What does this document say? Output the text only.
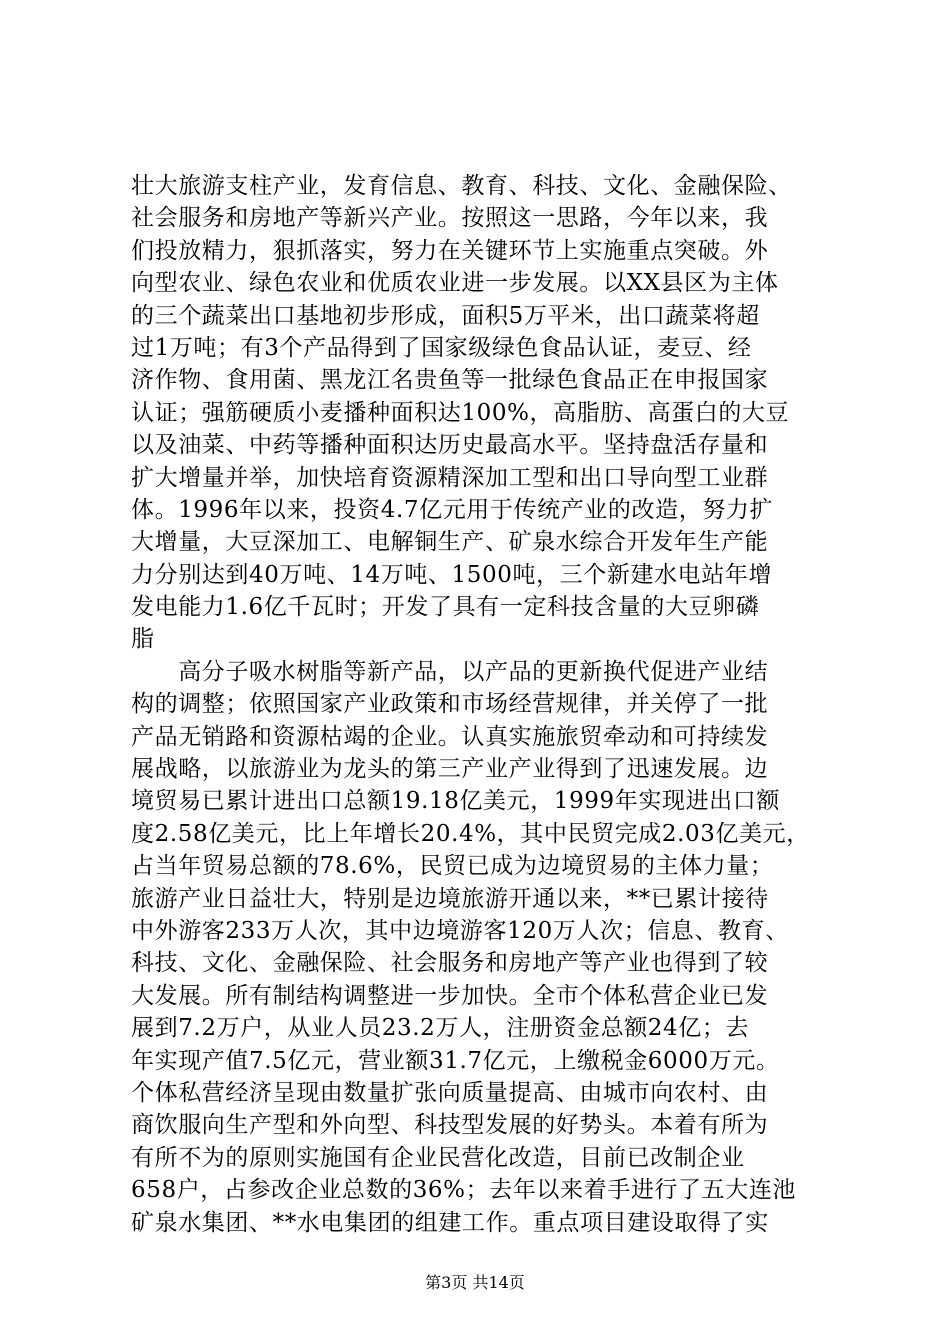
壮大旅游支柱产业，发育信息、教育、科技、文化、金融保险、
社会服务和房地产等新兴产业。按照这一思路，今年以来，我
们投放精力，狠抓落实，努力在关键环节上实施重点突破。外
向型农业、绿色农业和优质农业进一步发展。以XX县区为主体
的三个蔬菜出口基地初步形成，面积5万平米，出口蔬菜将超
过1万吨；有3个产品得到了国家级绿色食品认证，麦豆、经
济作物、食用菌、黑龙江名贵鱼等一批绿色食品正在申报国家
认证；强筋硬质小麦播种面积达100%，高脂肪、高蛋白的大豆
以及油菜、中药等播种面积达历史最高水平。坚持盘活存量和
扩大增量并举，加快培育资源精深加工型和出口导向型工业群
体。1996年以来，投资4.7亿元用于传统产业的改造，努力扩
大增量，大豆深加工、电解铜生产、矿泉水综合开发年生产能
力分别达到40万吨、14万吨、1500吨，三个新建水电站年增
发电能力1.6亿千瓦时；开发了具有一定科技含量的大豆卵磷
脂
　　高分子吸水树脂等新产品，以产品的更新换代促进产业结
构的调整；依照国家产业政策和市场经营规律，并关停了一批
产品无销路和资源枯竭的企业。认真实施旅贸牵动和可持续发
展战略，以旅游业为龙头的第三产业产业得到了迅速发展。边
境贸易已累计进出口总额19.18亿美元，1999年实现进出口额
度2.58亿美元，比上年增长20.4%，其中民贸完成2.03亿美元，
占当年贸易总额的78.6%，民贸已成为边境贸易的主体力量；
旅游产业日益壮大，特别是边境旅游开通以来，**已累计接待
中外游客233万人次，其中边境游客120万人次；信息、教育、
科技、文化、金融保险、社会服务和房地产等产业也得到了较
大发展。所有制结构调整进一步加快。全市个体私营企业已发
展到7.2万户，从业人员23.2万人，注册资金总额24亿；去
年实现产值7.5亿元，营业额31.7亿元，上缴税金6000万元。
个体私营经济呈现由数量扩张向质量提高、由城市向农村、由
商饮服向生产型和外向型、科技型发展的好势头。本着有所为
有所不为的原则实施国有企业民营化改造，目前已改制企业
658户，占参改企业总数的36%；去年以来着手进行了五大连池
矿泉水集团、**水电集团的组建工作。重点项目建设取得了实
第3页 共14页
